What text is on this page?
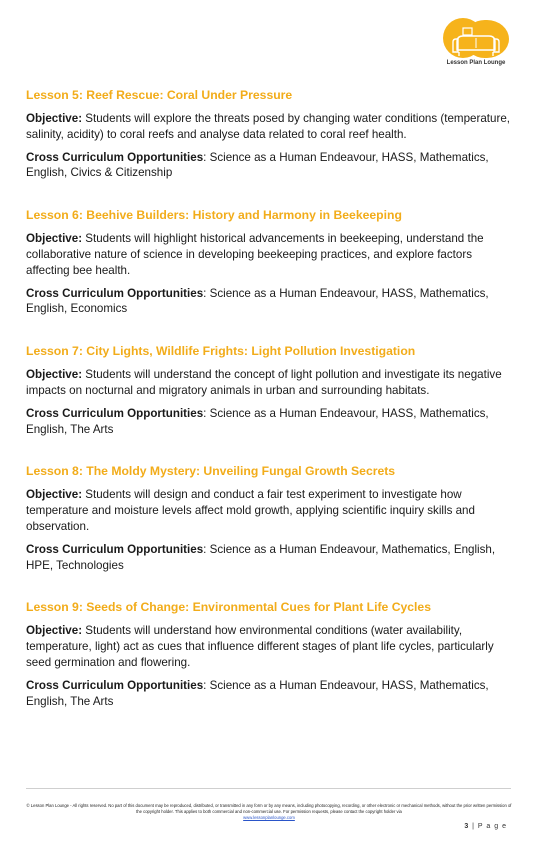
Lesson Plan Lounge
Lesson 5: Reef Rescue: Coral Under Pressure

Objective: Students will explore the threats posed by changing water conditions (temperature, salinity, acidity) to coral reefs and analyse data related to coral reef health.

Cross Curriculum Opportunities: Science as a Human Endeavour, HASS, Mathematics, English, Civics & Citizenship

Lesson 6: Beehive Builders: History and Harmony in Beekeeping

Objective: Students will highlight historical advancements in beekeeping, understand the collaborative nature of science in developing beekeeping practices, and explore factors affecting bee health.

Cross Curriculum Opportunities: Science as a Human Endeavour, HASS, Mathematics, English, Economics

Lesson 7: City Lights, Wildlife Frights: Light Pollution Investigation

Objective: Students will understand the concept of light pollution and investigate its negative impacts on nocturnal and migratory animals in urban and surrounding habitats.

Cross Curriculum Opportunities: Science as a Human Endeavour, HASS, Mathematics, English, The Arts

Lesson 8: The Moldy Mystery: Unveiling Fungal Growth Secrets

Objective: Students will design and conduct a fair test experiment to investigate how temperature and moisture levels affect mold growth, applying scientific inquiry skills and observation.

Cross Curriculum Opportunities: Science as a Human Endeavour, Mathematics, English, HPE, Technologies

Lesson 9: Seeds of Change: Environmental Cues for Plant Life Cycles

Objective: Students will understand how environmental conditions (water availability, temperature, light) act as cues that influence different stages of plant life cycles, particularly seed germination and flowering.

Cross Curriculum Opportunities: Science as a Human Endeavour, HASS, Mathematics, English, The Arts

© Lesson Plan Lounge - All rights reserved. No part of this document may be reproduced, distributed, or transmitted in any form or by any means, including photocopying, recording, or other electronic or mechanical methods, without the prior written permission of the copyright holder. This applies to both commercial and non-commercial use. For permission requests, please contact the copyright holder via
www.lessonplanlounge.com
3 | P a g e
